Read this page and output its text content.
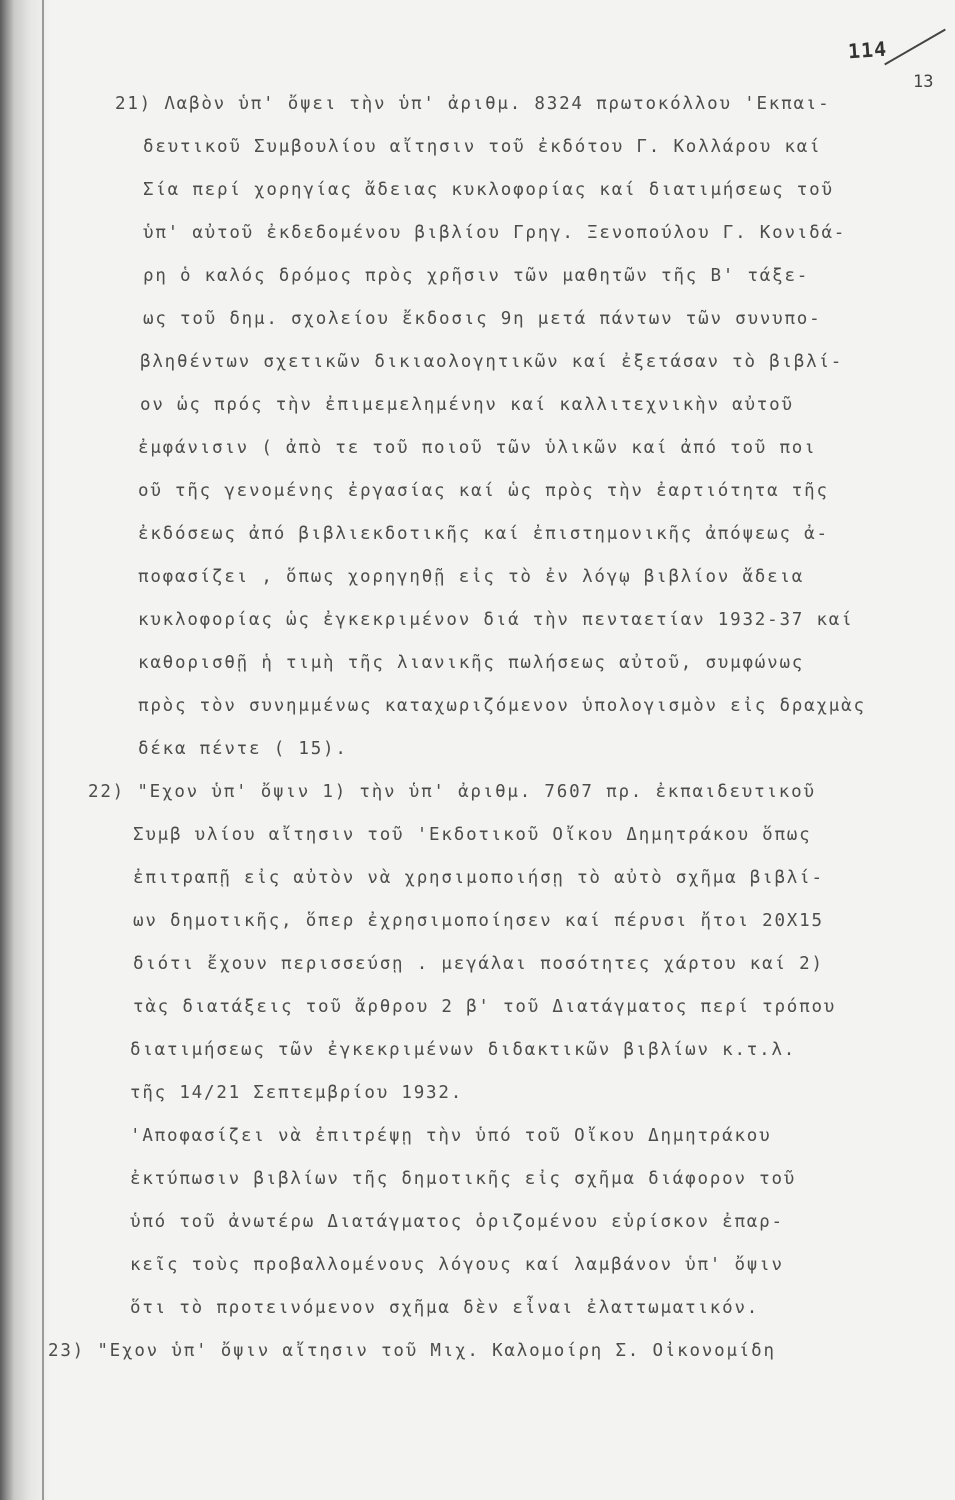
114
13
21) Λαβὸν ὑπ' ὄψει τὴν ὑπ' ἀριθμ. 8324 πρωτοκόλλου 'Εκπαι-
δευτικοῦ Συμβουλίου αἴτησιν τοῦ ἐκδότου Γ. Κολλάρου καί
Σία περί χορηγίας ἄδειας κυκλοφορίας καί διατιμήσεως τοῦ
ὑπ' αὐτοῦ ἐκδεδομένου βιβλίου Γρηγ. Ξενοπούλου Γ. Κονιδά-
ρη ὁ καλός δρόμος πρὸς χρῆσιν τῶν μαθητῶν τῆς Β' τάξε-
ως τοῦ δημ. σχολείου ἔκδοσις 9η μετά πάντων τῶν συνυπο-
βληθέντων σχετικῶν δικιαολογητικῶν καί ἐξετάσαν τὸ βιβλί-
ον ὡς πρός τὴν ἐπιμεμελημένην καί καλλιτεχνικὴν αὐτοῦ
ἐμφάνισιν ( ἀπὸ τε τοῦ ποιοῦ τῶν ὑλικῶν καί ἀπό τοῦ ποι
οῦ τῆς γενομένης ἐργασίας καί ὡς πρὸς τὴν ἐαρτιότητα τῆς
ἐκδόσεως ἀπό βιβλιεκδοτικῆς καί ἐπιστημονικῆς ἀπόψεως ἀ-
ποφασίζει , ὅπως χορηγηθῇ εἰς τὸ ἐν λόγῳ βιβλίον ἄδεια
κυκλοφορίας ὡς ἐγκεκριμένον διά τὴν πενταετίαν 1932-37 καί
καθορισθῇ ἡ τιμὴ τῆς λιανικῆς πωλήσεως αὐτοῦ, συμφώνως
πρὸς τὸν συνημμένως καταχωριζόμενον ὑπολογισμὸν εἰς δραχμὰς
δέκα πέντε ( 15).
22) "Εχον ὑπ' ὄψιν 1) τὴν ὑπ' ἀριθμ. 7607 πρ. ἐκπαιδευτικοῦ
Συμβ υλίου αἴτησιν τοῦ 'Εκδοτικοῦ Οἴκου Δημητράκου ὅπως
ἐπιτραπῇ εἰς αὐτὸν νὰ χρησιμοποιήσῃ τὸ αὐτὸ σχῆμα βιβλί-
ων δημοτικῆς, ὅπερ ἐχρησιμοποίησεν καί πέρυσι ἤτοι 20Χ15
διότι ἔχουν περισσεύσῃ . μεγάλαι ποσότητες χάρτου καί 2)
τὰς διατάξεις τοῦ ἄρθρου 2 β' τοῦ Διατάγματος περί τρόπου
διατιμήσεως τῶν ἐγκεκριμένων διδακτικῶν βιβλίων κ.τ.λ.
τῆς 14/21 Σεπτεμβρίου 1932.
'Αποφασίζει νὰ ἐπιτρέψῃ τὴν ὑπό τοῦ Οἴκου Δημητράκου
ἐκτύπωσιν βιβλίων τῆς δημοτικῆς εἰς σχῆμα διάφορον τοῦ
ὑπό τοῦ ἀνωτέρω Διατάγματος ὁριζομένου εὑρίσκον ἐπαρ-
κεῖς τοὺς προβαλλομένους λόγους καί λαμβάνον ὑπ' ὄψιν
ὅτι τὸ προτεινόμενον σχῆμα δὲν εἶναι ἐλαττωματικόν.
23) "Εχον ὑπ' ὄψιν αἴτησιν τοῦ Μιχ. Καλομοίρη Σ. Οἰκονομίδη
